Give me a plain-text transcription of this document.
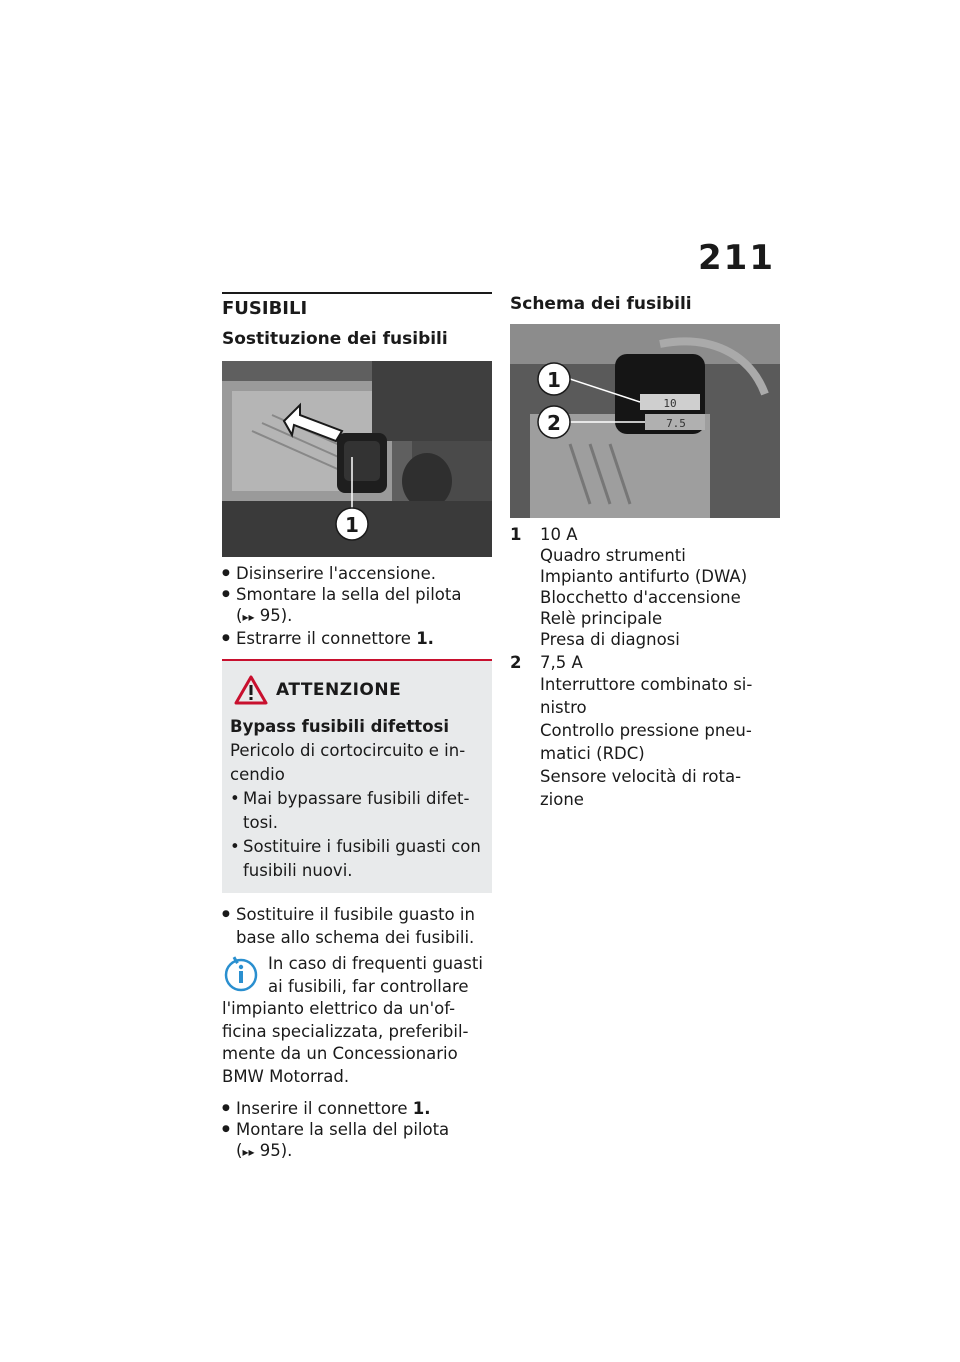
211
FUSIBILI
Sostituzione dei fusibili
1
● Disinserire l'accensione.
● Smontare la sella del pilota
(▸▸ 95).
● Estrarre il connettore 1.
ATTENZIONE
Bypass fusibili difettosi
Pericolo di cortocircuito e in-
cendio
• Mai bypassare fusibili difet-
tosi.
• Sostituire i fusibili guasti con
fusibili nuovi.
● Sostituire il fusibile guasto in
base allo schema dei fusibili.
In caso di frequenti guasti
ai fusibili, far controllare
l'impianto elettrico da un'of-
ficina specializzata, preferibil-
mente da un Concessionario
BMW Motorrad.
● Inserire il connettore 1.
● Montare la sella del pilota
(▸▸ 95).
Schema dei fusibili
10
7.5
1
2
1	10 A
Quadro strumenti
Impianto antifurto (DWA)
Blocchetto d'accensione
Relè principale
Presa di diagnosi
2	7,5 A
Interruttore combinato si-
nistro
Controllo pressione pneu-
matici (RDC)
Sensore velocità di rota-
zione
